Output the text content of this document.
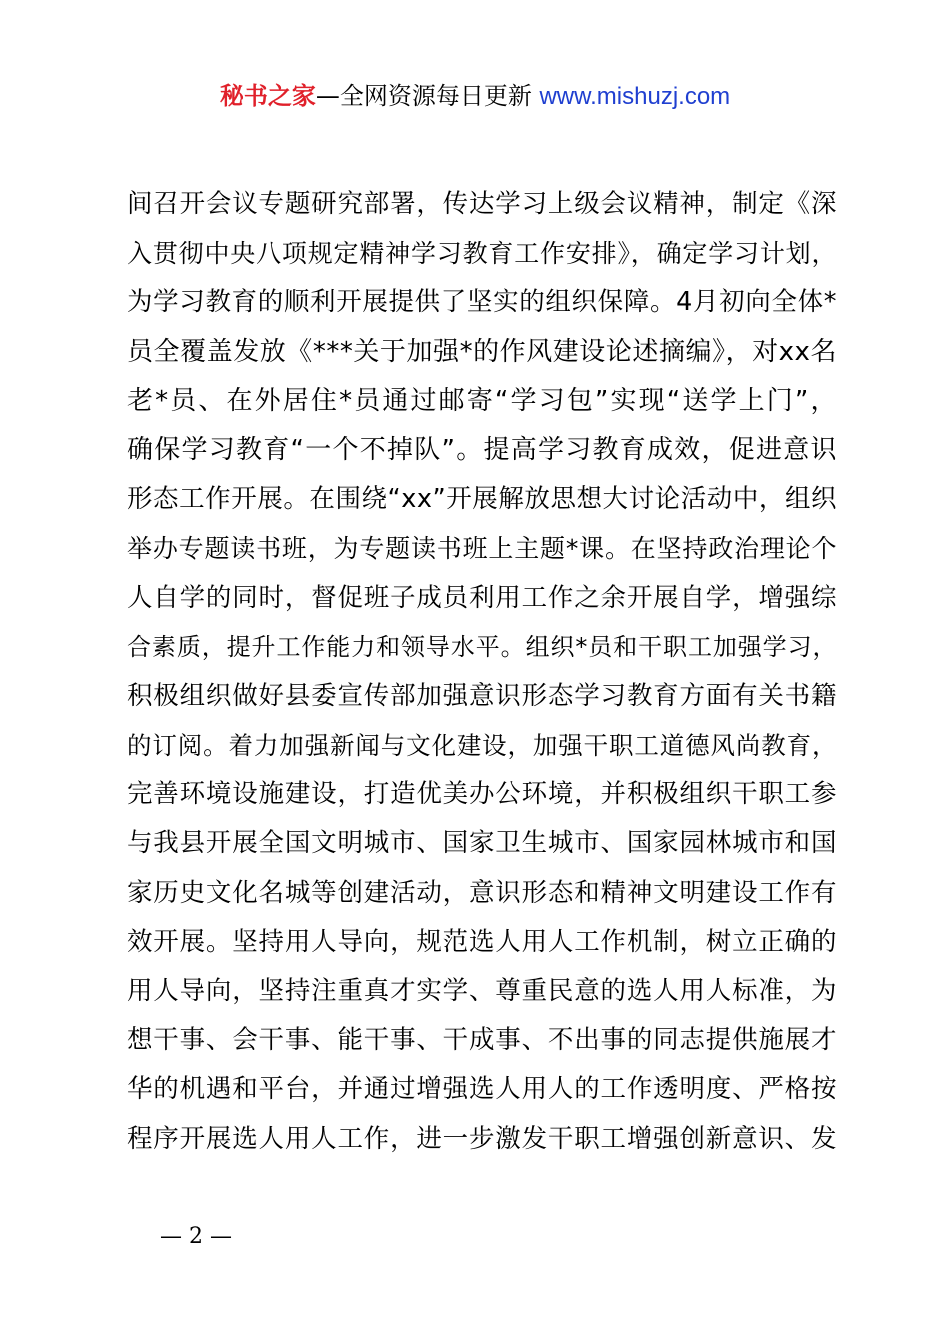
秘书之家—全网资源每日更新 www.mishuzj.com
间召开会议专题研究部署，传达学习上级会议精神，制定《深
入贯彻中央八项规定精神学习教育工作安排》，确定学习计划，
为学习教育的顺利开展提供了坚实的组织保障。4月初向全体*
员全覆盖发放《***关于加强*的作风建设论述摘编》，对xx名
老*员、在外居住*员通过邮寄“学习包”实现“送学上门”，
确保学习教育“一个不掉队”。提高学习教育成效，促进意识
形态工作开展。在围绕“xx”开展解放思想大讨论活动中，组织
举办专题读书班，为专题读书班上主题*课。在坚持政治理论个
人自学的同时，督促班子成员利用工作之余开展自学，增强综
合素质，提升工作能力和领导水平。组织*员和干职工加强学习，
积极组织做好县委宣传部加强意识形态学习教育方面有关书籍
的订阅。着力加强新闻与文化建设，加强干职工道德风尚教育，
完善环境设施建设，打造优美办公环境，并积极组织干职工参
与我县开展全国文明城市、国家卫生城市、国家园林城市和国
家历史文化名城等创建活动，意识形态和精神文明建设工作有
效开展。坚持用人导向，规范选人用人工作机制，树立正确的
用人导向，坚持注重真才实学、尊重民意的选人用人标准，为
想干事、会干事、能干事、干成事、不出事的同志提供施展才
华的机遇和平台，并通过增强选人用人的工作透明度、严格按
程序开展选人用人工作，进一步激发干职工增强创新意识、发
— 2 —
